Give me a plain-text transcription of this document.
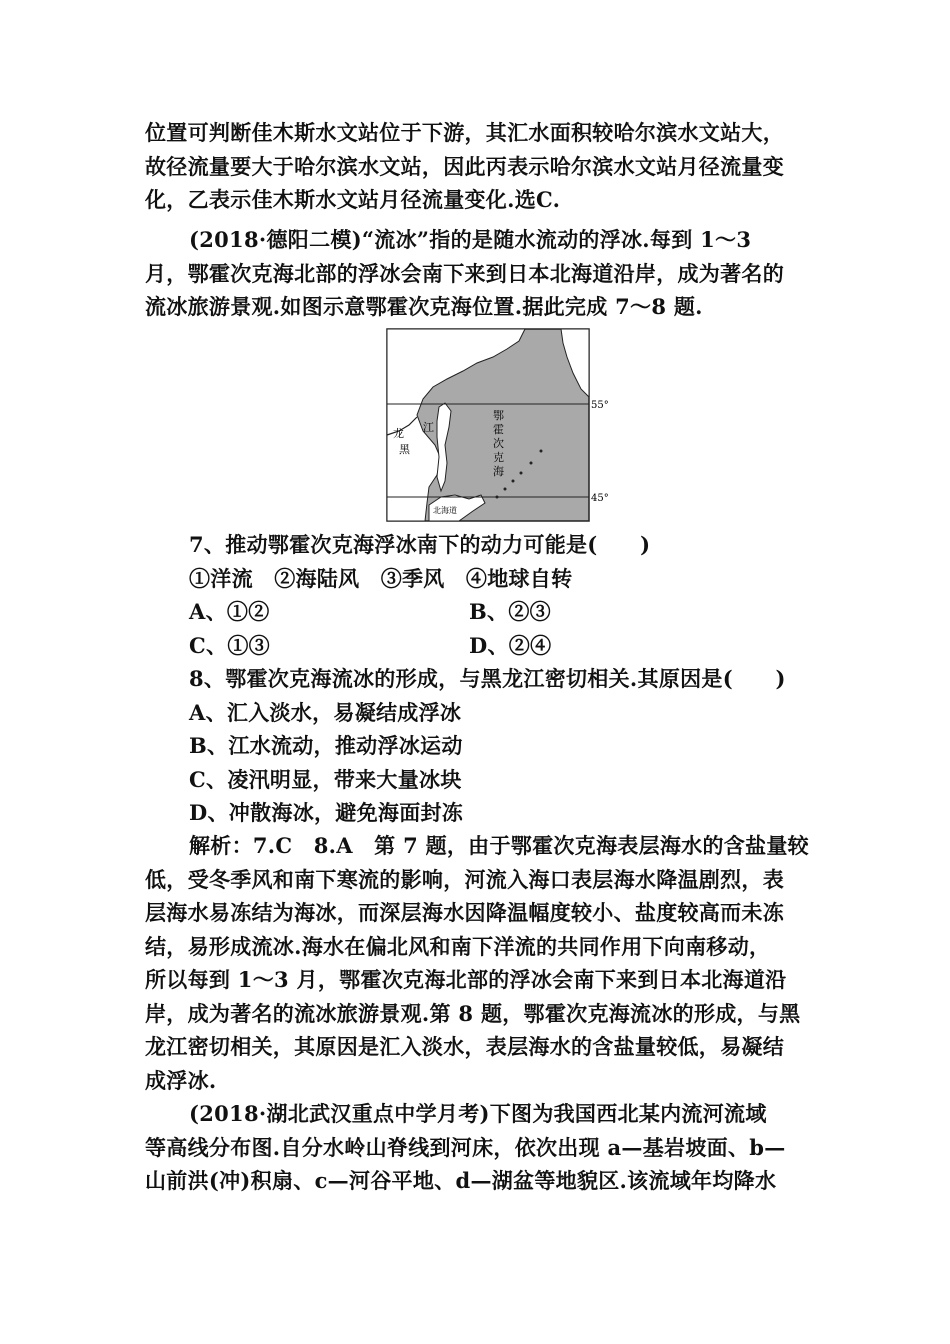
位置可判断佳木斯水文站位于下游，其汇水面积较哈尔滨水文站大，

故径流量要大于哈尔滨水文站，因此丙表示哈尔滨水文站月径流量变

化，乙表示佳木斯水文站月径流量变化.选C.

(2018·德阳二模)“流冰”指的是随水流动的浮冰.每到 1～3

月，鄂霍次克海北部的浮冰会南下来到日本北海道沿岸，成为著名的

流冰旅游景观.如图示意鄂霍次克海位置.据此完成 7～8 题.

55°
45°
鄂
霍
次
克
海
江
龙
黑
北海道

7、推动鄂霍次克海浮冰南下的动力可能是(　　)

①洋流　②海陆风　③季风　④地球自转

A、①②	B、②③
C、①③	D、②④

8、鄂霍次克海流冰的形成，与黑龙江密切相关.其原因是(　　)

A、汇入淡水，易凝结成浮冰

B、江水流动，推动浮冰运动

C、凌汛明显，带来大量冰块

D、冲散海冰，避免海面封冻

解析：7.C　8.A　第 7 题，由于鄂霍次克海表层海水的含盐量较

低，受冬季风和南下寒流的影响，河流入海口表层海水降温剧烈，表

层海水易冻结为海冰，而深层海水因降温幅度较小、盐度较高而未冻

结，易形成流冰.海水在偏北风和南下洋流的共同作用下向南移动，

所以每到 1～3 月，鄂霍次克海北部的浮冰会南下来到日本北海道沿

岸，成为著名的流冰旅游景观.第 8 题，鄂霍次克海流冰的形成，与黑

龙江密切相关，其原因是汇入淡水，表层海水的含盐量较低，易凝结

成浮冰.

(2018·湖北武汉重点中学月考)下图为我国西北某内流河流域

等高线分布图.自分水岭山脊线到河床，依次出现 a—基岩坡面、b—

山前洪(冲)积扇、c—河谷平地、d—湖盆等地貌区.该流域年均降水
